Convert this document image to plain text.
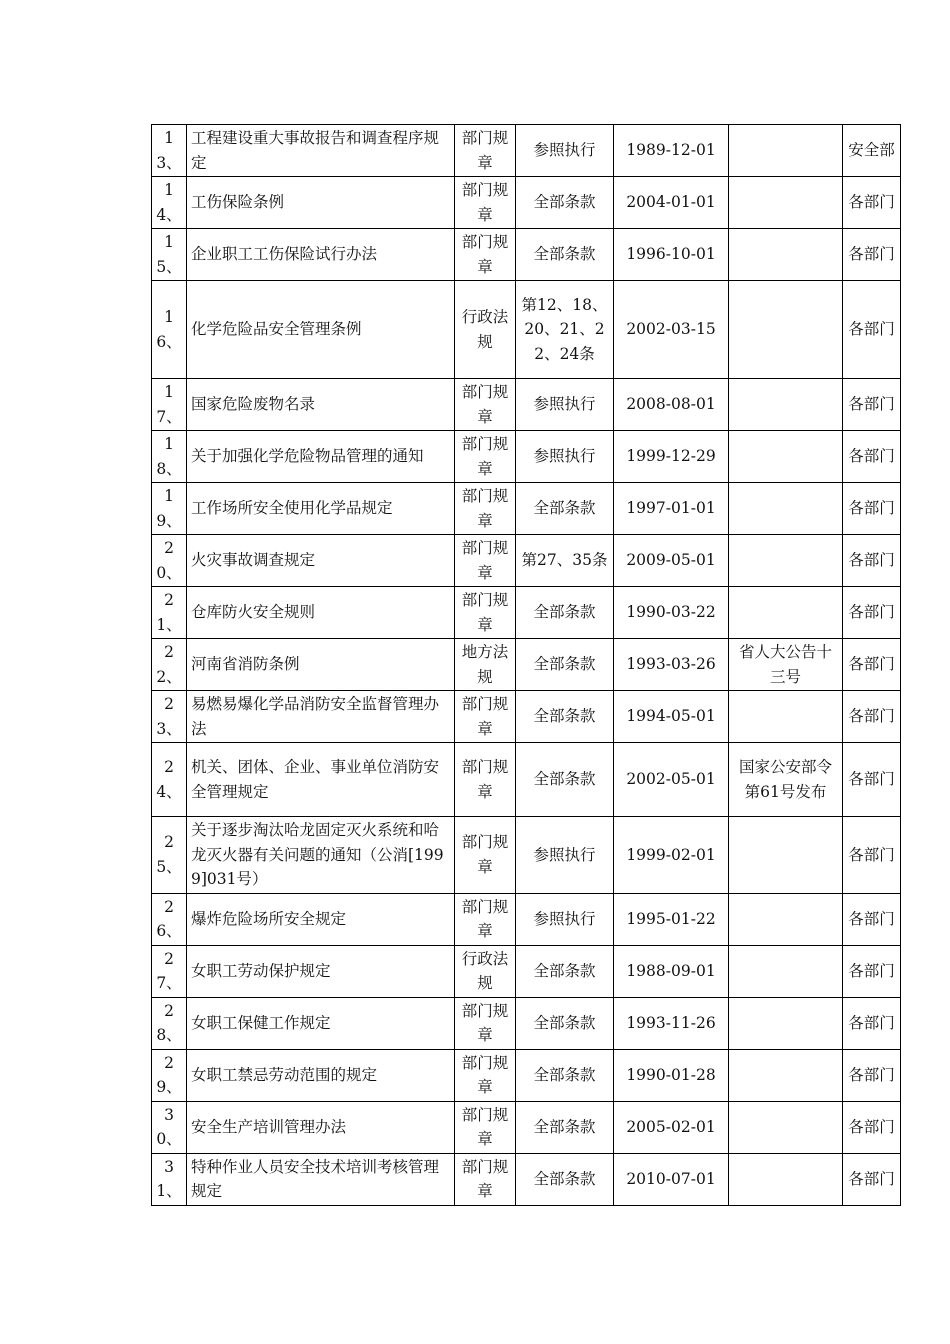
13、	工程建设重大事故报告和调查程序规定	部门规章	参照执行	1989-12-01		安全部
14、	工伤保险条例	部门规章	全部条款	2004-01-01		各部门
15、	企业职工工伤保险试行办法	部门规章	全部条款	1996-10-01		各部门
16、	化学危险品安全管理条例	行政法规	第12、18、20、21、22、24条	2002-03-15		各部门
17、	国家危险废物名录	部门规章	参照执行	2008-08-01		各部门
18、	关于加强化学危险物品管理的通知	部门规章	参照执行	1999-12-29		各部门
19、	工作场所安全使用化学品规定	部门规章	全部条款	1997-01-01		各部门
20、	火灾事故调查规定	部门规章	第27、35条	2009-05-01		各部门
21、	仓库防火安全规则	部门规章	全部条款	1990-03-22		各部门
22、	河南省消防条例	地方法规	全部条款	1993-03-26	省人大公告十三号	各部门
23、	易燃易爆化学品消防安全监督管理办法	部门规章	全部条款	1994-05-01		各部门
24、	机关、团体、企业、事业单位消防安全管理规定	部门规章	全部条款	2002-05-01	国家公安部令第61号发布	各部门
25、	关于逐步淘汰哈龙固定灭火系统和哈龙灭火器有关问题的通知（公消[1999]031号）	部门规章	参照执行	1999-02-01		各部门
26、	爆炸危险场所安全规定	部门规章	参照执行	1995-01-22		各部门
27、	女职工劳动保护规定	行政法规	全部条款	1988-09-01		各部门
28、	女职工保健工作规定	部门规章	全部条款	1993-11-26		各部门
29、	女职工禁忌劳动范围的规定	部门规章	全部条款	1990-01-28		各部门
30、	安全生产培训管理办法	部门规章	全部条款	2005-02-01		各部门
31、	特种作业人员安全技术培训考核管理规定	部门规章	全部条款	2010-07-01		各部门
